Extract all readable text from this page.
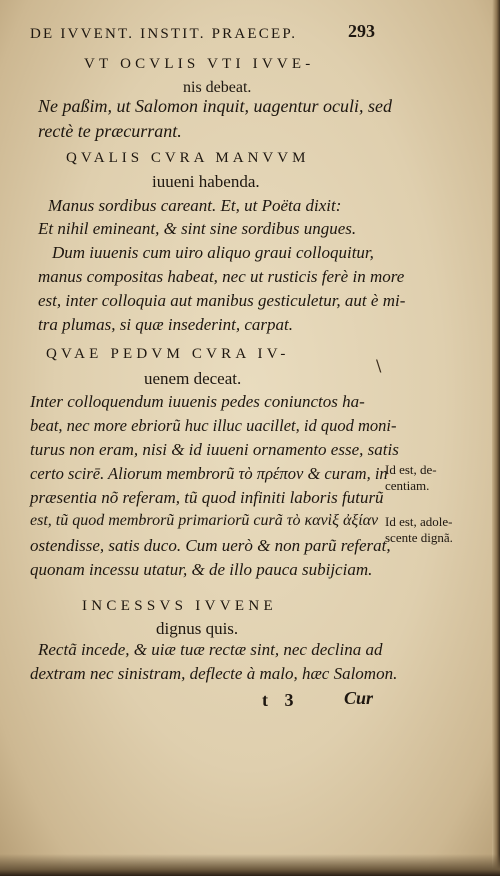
DE IVVENT. INSTIT. PRAECEP.	293
VT OCVLIS VTI IVVE-
nis debeat.
Ne paßim, ut Salomon inquit, uagentur oculi, sed
rectè te præcurrant.
QVALIS CVRA MANVVM
iuueni habenda.
Manus sordibus careant. Et, ut Poëta dixit:
Et nihil emineant, & sint sine sordibus ungues.
Dum iuuenis cum uiro aliquo graui colloquitur,
manus compositas habeat, nec ut rusticis ferè in more
est, inter colloquia aut manibus gesticuletur, aut è mi-
tra plumas, si quæ insederint, carpat.
QVAE PEDVM CVRA IV-
\
uenem deceat.
Inter colloquendum iuuenis pedes coniunctos ha-
beat, nec more ebriorũ huc illuc uacillet, id quod moni-
turus non eram, nisi & id iuueni ornamento esse, satis
certo scirē. Aliorum membrorũ τὸ πρέπον & curam, in
præsentia nõ referam, tũ quod infiniti laboris futurũ
est, tũ quod membrorũ primariorũ curã τὸ κανὶξ ἀξίαν
ostendisse, satis duco. Cum uerò & non parũ referat,
quonam incessu utatur, & de illo pauca subijciam.
Id est, de-
centiam.
Id est, adole-
scente dignã.
INCESSVS IVVENE
dignus quis.
Rectã incede, & uiæ tuæ rectæ sint, nec declina ad
dextram nec sinistram, deflecte à malo, hæc Salomon.
t 3 Cur
